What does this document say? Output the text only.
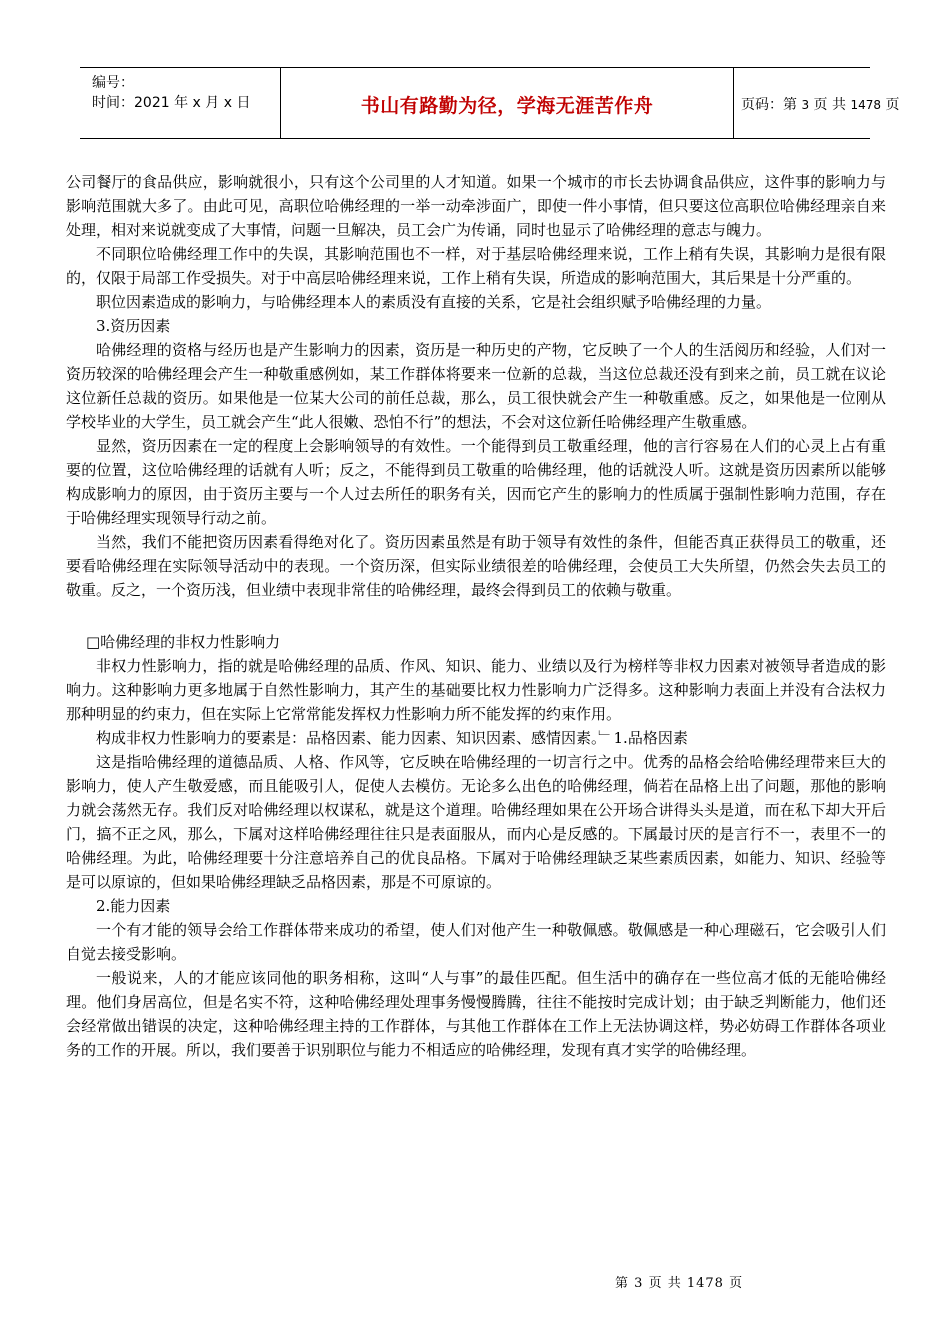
编号：
时间：2021 年 x 月 x 日	书山有路勤为径，学海无涯苦作舟	页码：第 3 页 共 1478 页

公司餐厅的食品供应，影响就很小，只有这个公司里的人才知道。如果一个城市的市长去协调食品供应，这件事的影响力与影响范围就大多了。由此可见，高职位哈佛经理的一举一动牵涉面广，即使一件小事情，但只要这位高职位哈佛经理亲自来处理，相对来说就变成了大事情，问题一旦解决，员工会广为传诵，同时也显示了哈佛经理的意志与魄力。

不同职位哈佛经理工作中的失误，其影响范围也不一样，对于基层哈佛经理来说，工作上稍有失误，其影响力是很有限的，仅限于局部工作受损失。对于中高层哈佛经理来说，工作上稍有失误，所造成的影响范围大，其后果是十分严重的。

职位因素造成的影响力，与哈佛经理本人的素质没有直接的关系，它是社会组织赋予哈佛经理的力量。

3.资历因素

哈佛经理的资格与经历也是产生影响力的因素，资历是一种历史的产物，它反映了一个人的生活阅历和经验，人们对一资历较深的哈佛经理会产生一种敬重感例如，某工作群体将要来一位新的总裁，当这位总裁还没有到来之前，员工就在议论这位新任总裁的资历。如果他是一位某大公司的前任总裁，那么，员工很快就会产生一种敬重感。反之，如果他是一位刚从学校毕业的大学生，员工就会产生“此人很嫩、恐怕不行”的想法，不会对这位新任哈佛经理产生敬重感。

显然，资历因素在一定的程度上会影响领导的有效性。一个能得到员工敬重经理，他的言行容易在人们的心灵上占有重要的位置，这位哈佛经理的话就有人听；反之，不能得到员工敬重的哈佛经理，他的话就没人听。这就是资历因素所以能够构成影响力的原因，由于资历主要与一个人过去所任的职务有关，因而它产生的影响力的性质属于强制性影响力范围，存在于哈佛经理实现领导行动之前。

当然，我们不能把资历因素看得绝对化了。资历因素虽然是有助于领导有效性的条件，但能否真正获得员工的敬重，还要看哈佛经理在实际领导活动中的表现。一个资历深，但实际业绩很差的哈佛经理，会使员工大失所望，仍然会失去员工的敬重。反之，一个资历浅，但业绩中表现非常佳的哈佛经理，最终会得到员工的依赖与敬重。

□哈佛经理的非权力性影响力

非权力性影响力，指的就是哈佛经理的品质、作风、知识、能力、业绩以及行为榜样等非权力因素对被领导者造成的影响力。这种影响力更多地属于自然性影响力，其产生的基础要比权力性影响力广泛得多。这种影响力表面上并没有合法权力那种明显的约束力，但在实际上它常常能发挥权力性影响力所不能发挥的约束作用。

构成非权力性影响力的要素是：品格因素、能力因素、知识因素、感情因素。﹂1.品格因素

这是指哈佛经理的道德品质、人格、作风等，它反映在哈佛经理的一切言行之中。优秀的品格会给哈佛经理带来巨大的影响力，使人产生敬爱感，而且能吸引人，促使人去模仿。无论多么出色的哈佛经理，倘若在品格上出了问题，那他的影响力就会荡然无存。我们反对哈佛经理以权谋私，就是这个道理。哈佛经理如果在公开场合讲得头头是道，而在私下却大开后门，搞不正之风，那么，下属对这样哈佛经理往往只是表面服从，而内心是反感的。下属最讨厌的是言行不一，表里不一的哈佛经理。为此，哈佛经理要十分注意培养自己的优良品格。下属对于哈佛经理缺乏某些素质因素，如能力、知识、经验等是可以原谅的，但如果哈佛经理缺乏品格因素，那是不可原谅的。

2.能力因素

一个有才能的领导会给工作群体带来成功的希望，使人们对他产生一种敬佩感。敬佩感是一种心理磁石，它会吸引人们自觉去接受影响。

一般说来，人的才能应该同他的职务相称，这叫“人与事”的最佳匹配。但生活中的确存在一些位高才低的无能哈佛经理。他们身居高位，但是名实不符，这种哈佛经理处理事务慢慢腾腾，往往不能按时完成计划；由于缺乏判断能力，他们还会经常做出错误的决定，这种哈佛经理主持的工作群体，与其他工作群体在工作上无法协调这样，势必妨碍工作群体各项业务的工作的开展。所以，我们要善于识别职位与能力不相适应的哈佛经理，发现有真才实学的哈佛经理。

第 3 页 共 1478 页
